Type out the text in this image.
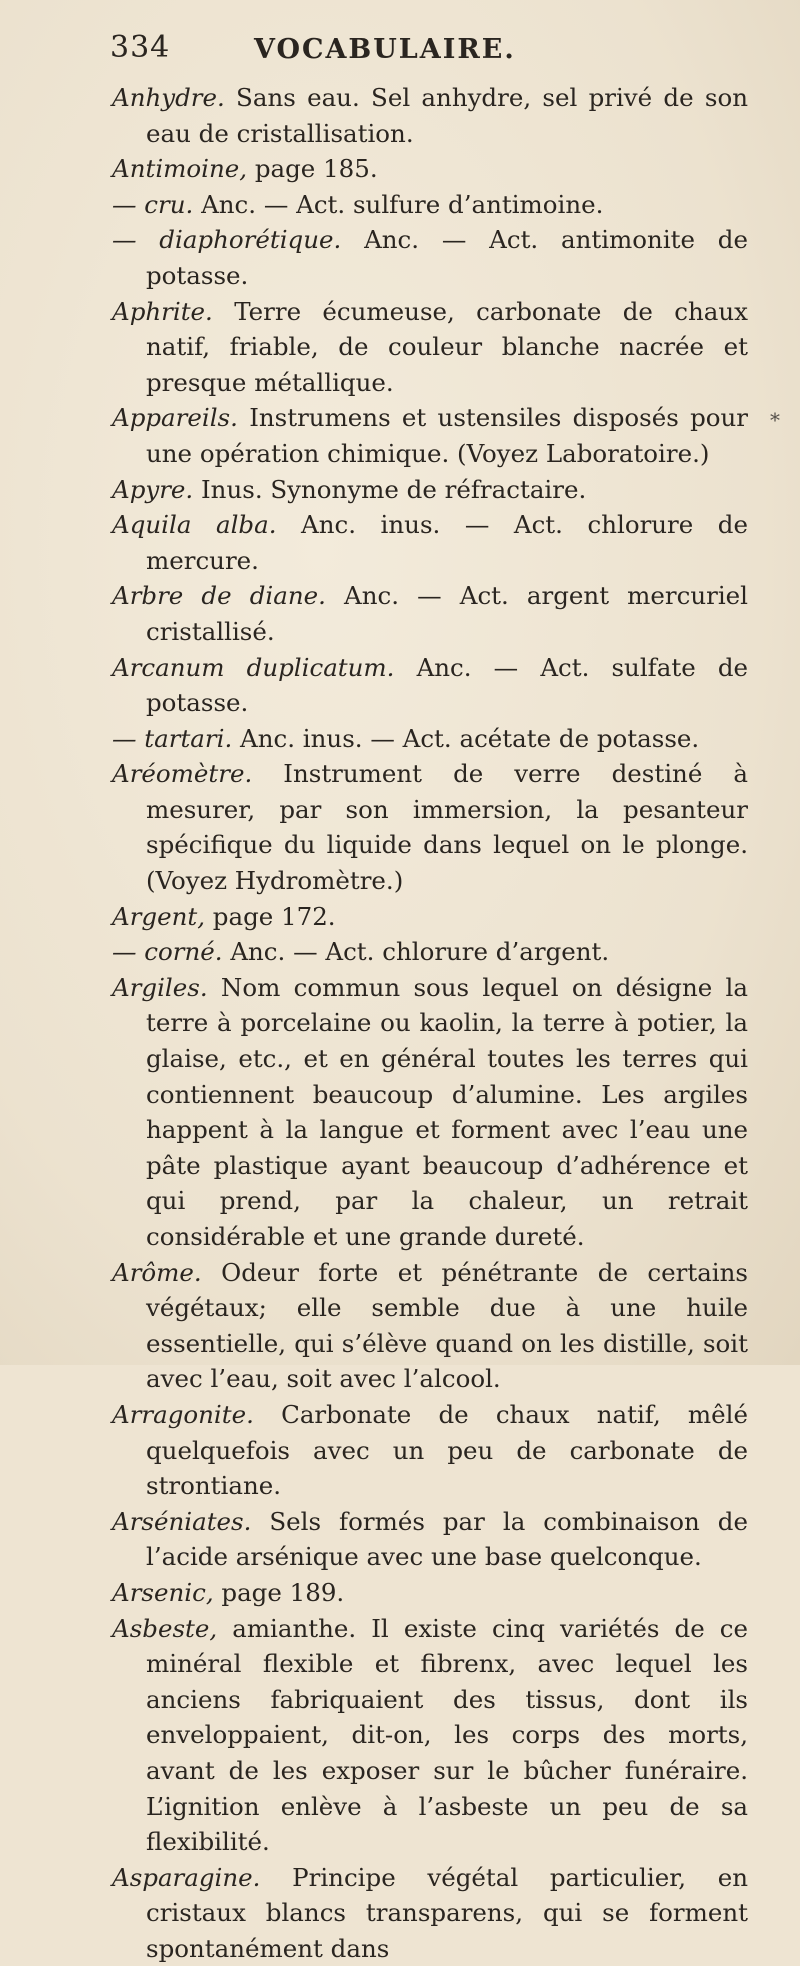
334	VOCABULAIRE.

Anhydre. Sans eau. Sel anhydre, sel privé de son eau de cristallisation.

Antimoine, page 185.

— cru. Anc. — Act. sulfure d’antimoine.

— diaphorétique. Anc. — Act. antimonite de potasse.

Aphrite. Terre écumeuse, carbonate de chaux natif, friable, de couleur blanche nacrée et presque métallique.

Appareils. Instrumens et ustensiles disposés pour une opération chimique. (Voyez Laboratoire.)

Apyre. Inus. Synonyme de réfractaire.

Aquila alba. Anc. inus. — Act. chlorure de mercure.

Arbre de diane. Anc. — Act. argent mercuriel cristallisé.

Arcanum duplicatum. Anc. — Act. sulfate de potasse.

— tartari. Anc. inus. — Act. acétate de potasse.

Aréomètre. Instrument de verre destiné à mesurer, par son immersion, la pesanteur spécifique du liquide dans lequel on le plonge. (Voyez Hydromètre.)

Argent, page 172.

— corné. Anc. — Act. chlorure d’argent.

Argiles. Nom commun sous lequel on désigne la terre à porcelaine ou kaolin, la terre à potier, la glaise, etc., et en général toutes les terres qui contiennent beaucoup d’alumine. Les argiles happent à la langue et forment avec l’eau une pâte plastique ayant beaucoup d’adhérence et qui prend, par la chaleur, un retrait considérable et une grande dureté.

Arôme. Odeur forte et pénétrante de certains végétaux; elle semble due à une huile essentielle, qui s’élève quand on les distille, soit avec l’eau, soit avec l’alcool.

Arragonite. Carbonate de chaux natif, mêlé quelquefois avec un peu de carbonate de strontiane.

Arséniates. Sels formés par la combinaison de l’acide arsénique avec une base quelconque.

Arsenic, page 189.

Asbeste, amianthe. Il existe cinq variétés de ce minéral flexible et fibrenx, avec lequel les anciens fabriquaient des tissus, dont ils enveloppaient, dit-on, les corps des morts, avant de les exposer sur le bûcher funéraire. L’ignition enlève à l’asbeste un peu de sa flexibilité.

Asparagine. Principe végétal particulier, en cristaux blancs transparens, qui se forment spontanément dans

*
